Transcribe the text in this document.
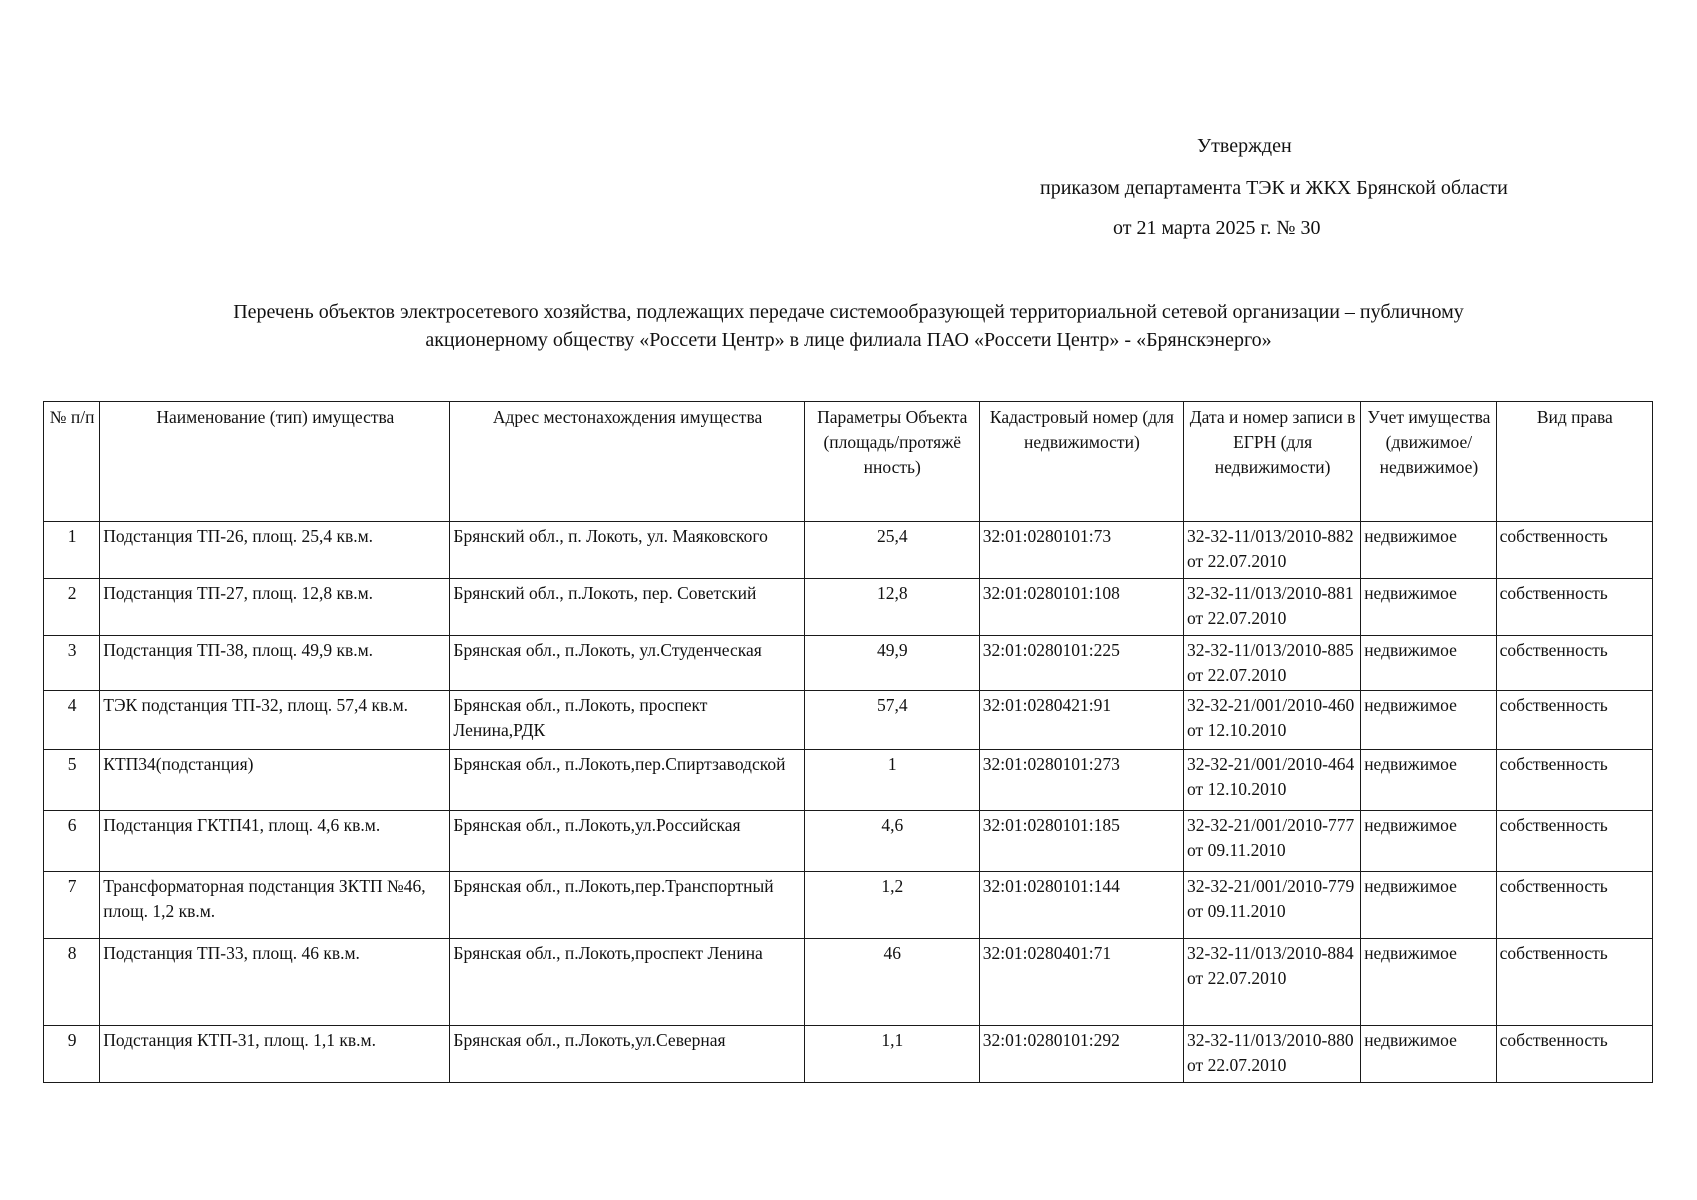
Утвержден
приказом департамента ТЭК и ЖКХ Брянской области
от 21 марта 2025 г. № 30
Перечень объектов электросетевого хозяйства, подлежащих передаче системообразующей территориальной сетевой организации – публичному
акционерному обществу «Россети Центр» в лице филиала ПАО «Россети Центр» - «Брянскэнерго»
№ п/п	Наименование (тип) имущества	Адрес местонахождения имущества	Параметры Объекта (площадь/протяжё нность)	Кадастровый номер (для недвижимости)	Дата и номер записи в ЕГРН (для недвижимости)	Учет имущества (движимое/ недвижимое)	Вид права
1	Подстанция ТП-26, площ. 25,4 кв.м.	Брянский обл., п. Локоть, ул. Маяковского	25,4	32:01:0280101:73	32-32-11/013/2010-882 от 22.07.2010	недвижимое	собственность
2	Подстанция ТП-27, площ. 12,8 кв.м.	Брянский обл., п.Локоть, пер. Советский	12,8	32:01:0280101:108	32-32-11/013/2010-881 от 22.07.2010	недвижимое	собственность
3	Подстанция ТП-38, площ. 49,9 кв.м.	Брянская обл., п.Локоть, ул.Студенческая	49,9	32:01:0280101:225	32-32-11/013/2010-885 от 22.07.2010	недвижимое	собственность
4	ТЭК подстанция ТП-32, площ. 57,4 кв.м.	Брянская обл., п.Локоть, проспект Ленина,РДК	57,4	32:01:0280421:91	32-32-21/001/2010-460 от 12.10.2010	недвижимое	собственность
5	КТП34(подстанция)	Брянская обл., п.Локоть,пер.Спиртзаводской	1	32:01:0280101:273	32-32-21/001/2010-464 от 12.10.2010	недвижимое	собственность
6	Подстанция ГКТП41, площ. 4,6 кв.м.	Брянская обл., п.Локоть,ул.Российская	4,6	32:01:0280101:185	32-32-21/001/2010-777 от 09.11.2010	недвижимое	собственность
7	Трансформаторная подстанция ЗКТП №46, площ. 1,2 кв.м.	Брянская обл., п.Локоть,пер.Транспортный	1,2	32:01:0280101:144	32-32-21/001/2010-779 от 09.11.2010	недвижимое	собственность
8	Подстанция ТП-33, площ. 46 кв.м.	Брянская обл., п.Локоть,проспект Ленина	46	32:01:0280401:71	32-32-11/013/2010-884 от 22.07.2010	недвижимое	собственность
9	Подстанция КТП-31, площ. 1,1 кв.м.	Брянская обл., п.Локоть,ул.Северная	1,1	32:01:0280101:292	32-32-11/013/2010-880 от 22.07.2010	недвижимое	собственность
